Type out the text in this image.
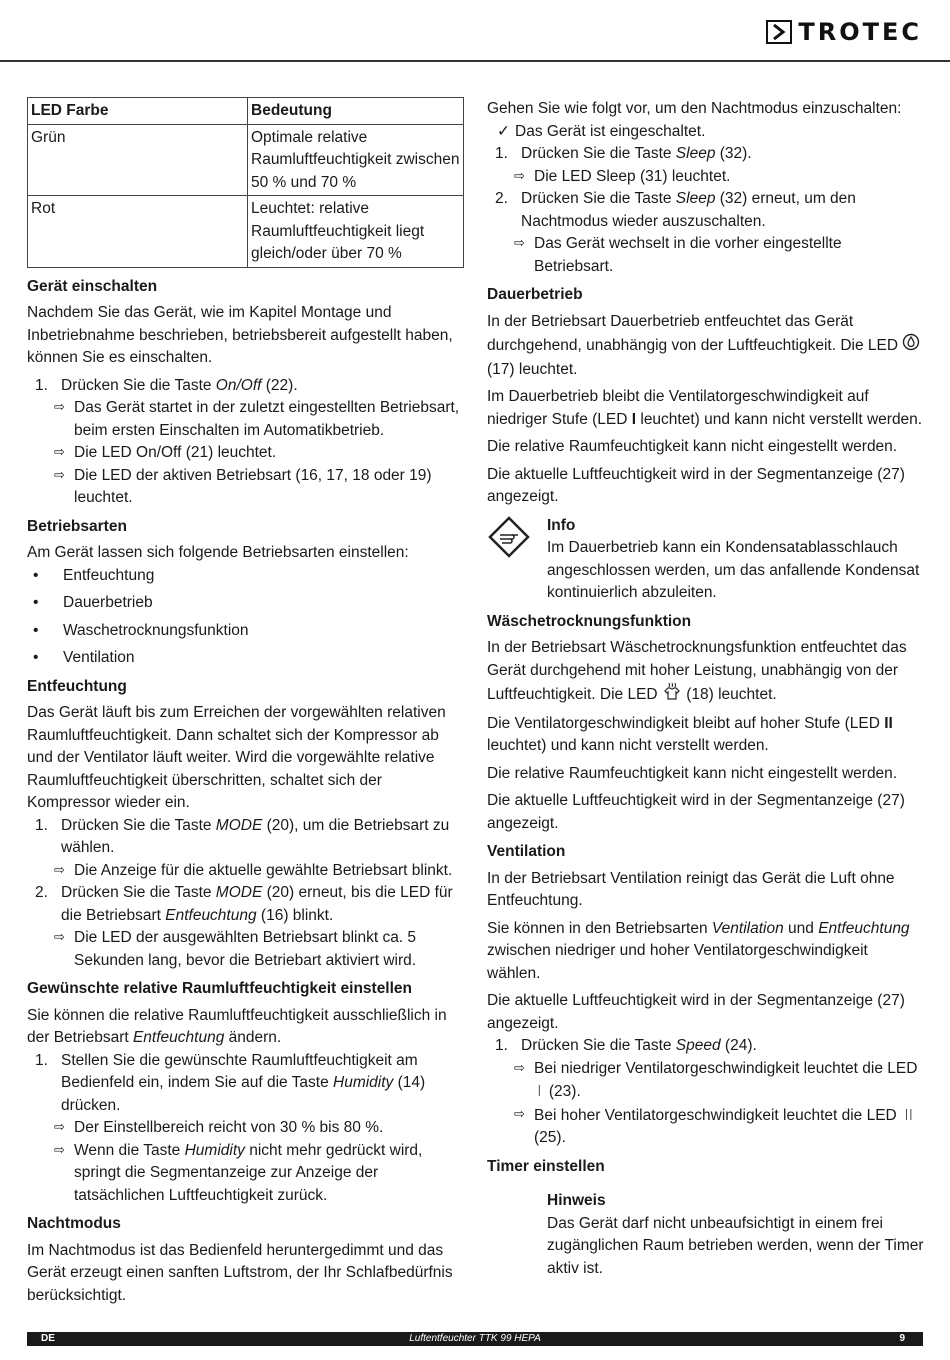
TROTEC
LED Farbe	Bedeutung
Grün	Optimale relative Raumluftfeuchtigkeit zwischen 50 % und 70 %
Rot	Leuchtet: relative Raumluftfeuchtigkeit liegt gleich/oder über 70 %
Gerät einschalten

Nachdem Sie das Gerät, wie im Kapitel Montage und Inbetriebnahme beschrieben, betriebsbereit aufgestellt haben, können Sie es einschalten.

1. Drücken Sie die Taste On/Off (22).
⇨ Das Gerät startet in der zuletzt eingestellten Betriebsart, beim ersten Einschalten im Automatikbetrieb.
⇨ Die LED On/Off (21) leuchtet.
⇨ Die LED der aktiven Betriebsart (16, 17, 18 oder 19) leuchtet.
Betriebsarten

Am Gerät lassen sich folgende Betriebsarten einstellen:

•	Entfeuchtung
•	Dauerbetrieb
•	Waschetrocknungsfunktion
•	Ventilation
Entfeuchtung

Das Gerät läuft bis zum Erreichen der vorgewählten relativen Raumluftfeuchtigkeit. Dann schaltet sich der Kompressor ab und der Ventilator läuft weiter. Wird die vorgewählte relative Raumluftfeuchtigkeit überschritten, schaltet sich der Kompressor wieder ein.

1. Drücken Sie die Taste MODE (20), um die Betriebsart zu wählen.
⇨ Die Anzeige für die aktuelle gewählte Betriebsart blinkt.
2. Drücken Sie die Taste MODE (20) erneut, bis die LED für die Betriebsart Entfeuchtung (16) blinkt.
⇨ Die LED der ausgewählten Betriebsart blinkt ca. 5 Sekunden lang, bevor die Betriebart aktiviert wird.
Gewünschte relative Raumluftfeuchtigkeit einstellen

Sie können die relative Raumluftfeuchtigkeit ausschließlich in der Betriebsart Entfeuchtung ändern.

1. Stellen Sie die gewünschte Raumluftfeuchtigkeit am Bedienfeld ein, indem Sie auf die Taste Humidity (14) drücken.
⇨ Der Einstellbereich reicht von 30 % bis 80 %.
⇨ Wenn die Taste Humidity nicht mehr gedrückt wird, springt die Segmentanzeige zur Anzeige der tatsächlichen Luftfeuchtigkeit zurück.
Nachtmodus

Im Nachtmodus ist das Bedienfeld heruntergedimmt und das Gerät erzeugt einen sanften Luftstrom, der Ihr Schlafbedürfnis berücksichtigt.

Gehen Sie wie folgt vor, um den Nachtmodus einzuschalten:

✓ Das Gerät ist eingeschaltet.
1. Drücken Sie die Taste Sleep (32).
⇨ Die LED Sleep (31) leuchtet.
2. Drücken Sie die Taste Sleep (32) erneut, um den Nachtmodus wieder auszuschalten.
⇨ Das Gerät wechselt in die vorher eingestellte Betriebsart.
Dauerbetrieb

In der Betriebsart Dauerbetrieb entfeuchtet das Gerät durchgehend, unabhängig von der Luftfeuchtigkeit. Die LED  (17) leuchtet.

Im Dauerbetrieb bleibt die Ventilatorgeschwindigkeit auf niedriger Stufe (LED I leuchtet) und kann nicht verstellt werden.

Die relative Raumfeuchtigkeit kann nicht eingestellt werden.

Die aktuelle Luftfeuchtigkeit wird in der Segmentanzeige (27) angezeigt.

Info
Im Dauerbetrieb kann ein Kondensatablasschlauch angeschlossen werden, um das anfallende Kondensat kontinuierlich abzuleiten.
Wäschetrocknungsfunktion

In der Betriebsart Wäschetrocknungsfunktion entfeuchtet das Gerät durchgehend mit hoher Leistung, unabhängig von der Luftfeuchtigkeit. Die LED  (18) leuchtet.

Die Ventilatorgeschwindigkeit bleibt auf hoher Stufe (LED II leuchtet) und kann nicht verstellt werden.

Die relative Raumfeuchtigkeit kann nicht eingestellt werden.

Die aktuelle Luftfeuchtigkeit wird in der Segmentanzeige (27) angezeigt.

Ventilation

In der Betriebsart Ventilation reinigt das Gerät die Luft ohne Entfeuchtung.

Sie können in den Betriebsarten Ventilation und Entfeuchtung zwischen niedriger und hoher Ventilatorgeschwindigkeit wählen.

Die aktuelle Luftfeuchtigkeit wird in der Segmentanzeige (27) angezeigt.

1. Drücken Sie die Taste Speed (24).
⇨ Bei niedriger Ventilatorgeschwindigkeit leuchtet die LED I (23).
⇨ Bei hoher Ventilatorgeschwindigkeit leuchtet die LED II (25).
Timer einstellen
Hinweis
Das Gerät darf nicht unbeaufsichtigt in einem frei zugänglichen Raum betrieben werden, wenn der Timer aktiv ist.
DE	Luftentfeuchter TTK 99 HEPA	9
